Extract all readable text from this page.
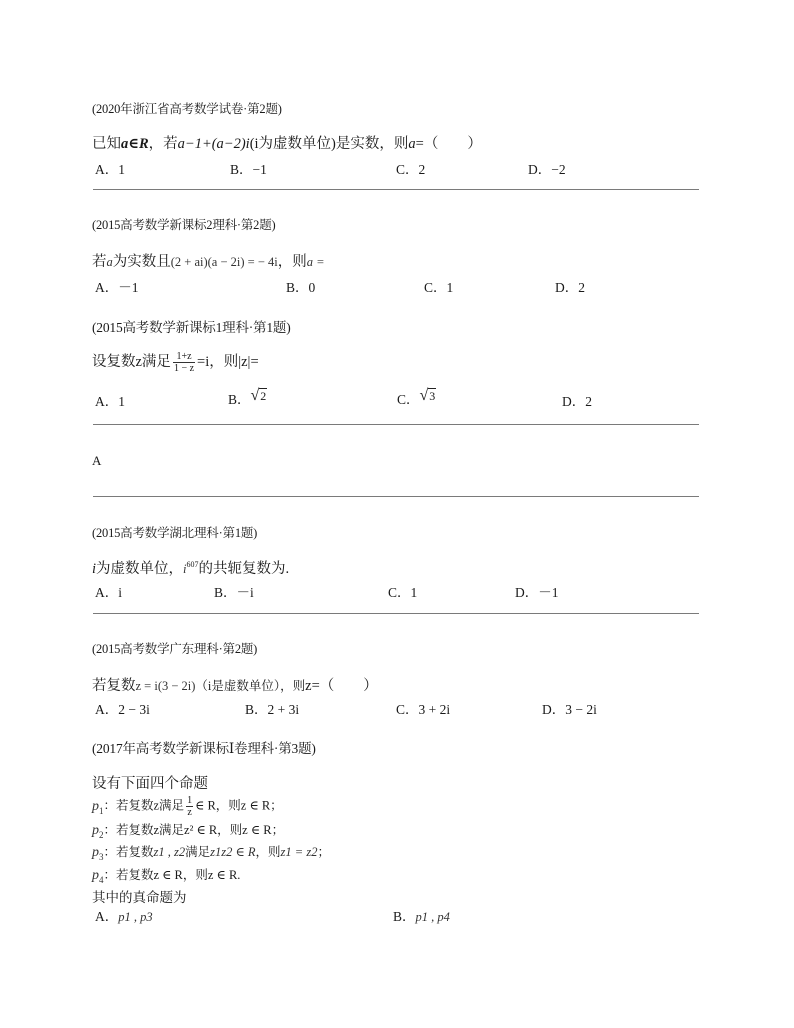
(2020年浙江省高考数学试卷·第2题)
已知a∈R，若a−1+(a−2)i(i为虚数单位)是实数，则a=（　　）
A．1	B．−1	C．2	D．−2
(2015高考数学新课标2理科·第2题)
若a为实数且(2 + ai)(a − 2i) = − 4i，则a =
A．－1	B．0	C．1	D．2
(2015高考数学新课标1理科·第1题)
设复数z满足 $\frac{1+z}{1 - z} =i$，则|z|=
A．1	B．√2	C．√3	D．2
A
(2015高考数学湖北理科·第1题)
i为虚数单位，$i^{607}$的共轭复数为.
A．i	B．－i	C．1	D．－1
(2015高考数学广东理科·第2题)
若复数z = i(3 − 2i)（i是虚数单位），则z=（　　）
A．2 − 3i	B．2 + 3i	C．3 + 2i	D．3 − 2i
(2017年高考数学新课标Ⅰ卷理科·第3题)
设有下面四个命题
$p_1$：若复数z满足 $\frac{1}{z}$ ∈ R，则z ∈ R；
$p_2$：若复数z满足z² ∈ R，则z ∈ R；
$p_3$：若复数z1 , z2满足z1z2 ∈ R，则z1 = z2；
$p_4$：若复数z ∈ R，则z ∈ R.
其中的真命题为
A．p1 , p3	B．p1 , p4
